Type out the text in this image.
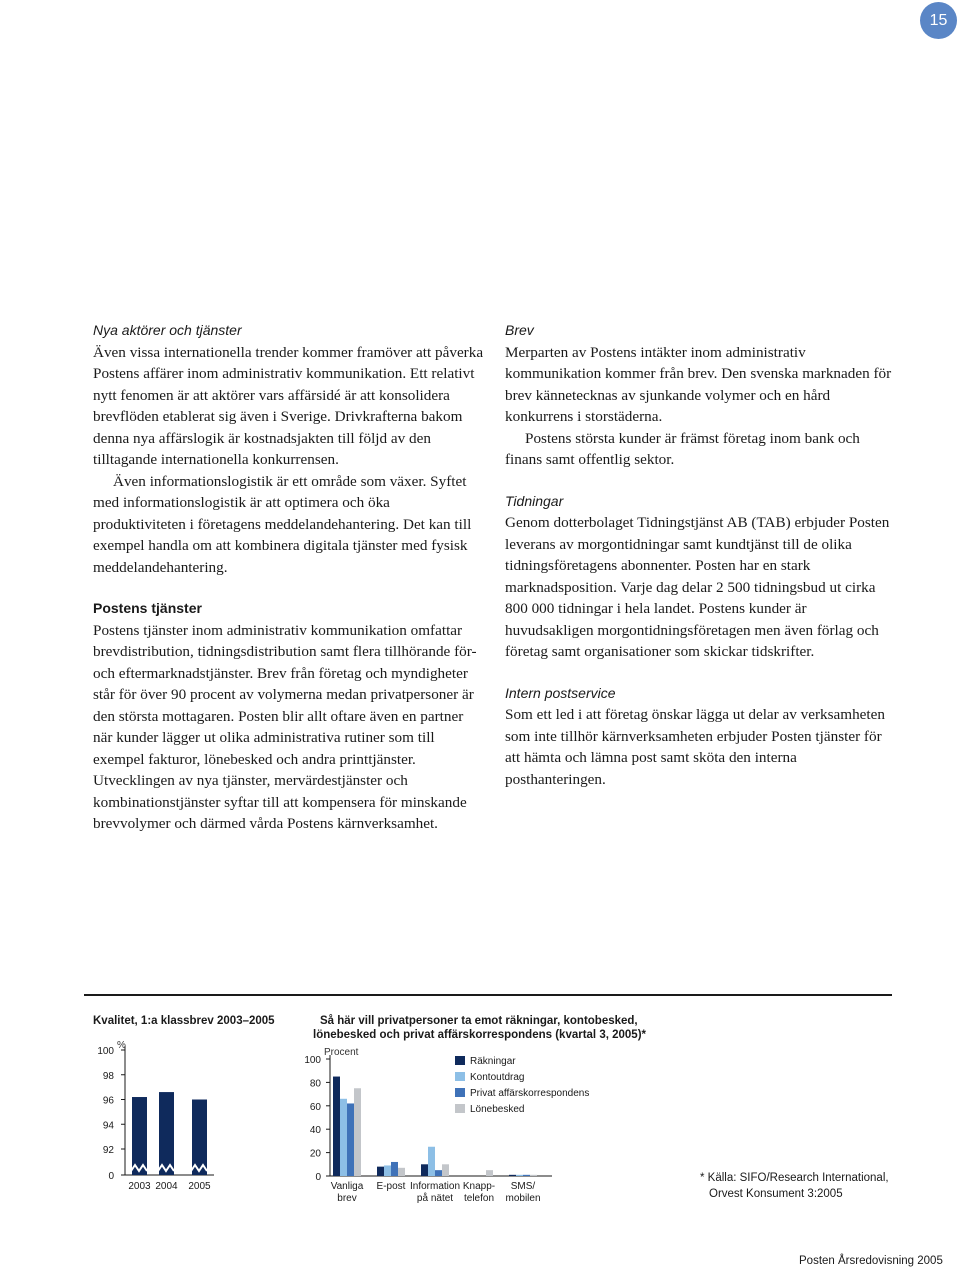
15

Nya aktörer och tjänster

Även vissa internationella trender kommer framöver att påverka Postens affärer inom administrativ kommunikation. Ett relativt nytt fenomen är att aktörer vars affärsidé är att konsolidera brevflöden etablerat sig även i Sverige. Drivkrafterna bakom denna nya affärslogik är kostnadsjakten till följd av den tilltagande internationella konkurrensen.

Även informationslogistik är ett område som växer. Syftet med informationslogistik är att optimera och öka produktiviteten i företagens meddelandehantering. Det kan till exempel handla om att kombinera digitala tjänster med fysisk meddelandehantering.

Postens tjänster

Postens tjänster inom administrativ kommunikation omfattar brevdistribution, tidningsdistribution samt flera tillhörande för- och eftermarknadstjänster. Brev från företag och myndigheter står för över 90 procent av volymerna medan privatpersoner är den största mottagaren. Posten blir allt oftare även en partner när kunder lägger ut olika administrativa rutiner som till exempel fakturor, lönebesked och andra printtjänster. Utvecklingen av nya tjänster, mervärdestjänster och kombinationstjänster syftar till att kompensera för minskande brevvolymer och därmed vårda Postens kärnverksamhet.

Brev

Merparten av Postens intäkter inom administrativ kommunikation kommer från brev. Den svenska marknaden för brev kännetecknas av sjunkande volymer och en hård konkurrens i storstäderna.

Postens största kunder är främst företag inom bank och finans samt offentlig sektor.

Tidningar

Genom dotterbolaget Tidningstjänst AB (TAB) erbjuder Posten leverans av morgontidningar samt kundtjänst till de olika tidningsföretagens abonnenter. Posten har en stark marknadsposition. Varje dag delar 2 500 tidningsbud ut cirka 800 000 tidningar i hela landet. Postens kunder är huvudsakligen morgontidningsföretagen men även förlag och företag samt organisationer som skickar tidskrifter.

Intern postservice

Som ett led i att företag önskar lägga ut delar av verksamheten som inte tillhör kärnverksamheten erbjuder Posten tjänster för att hämta och lämna post samt sköta den interna posthanteringen.

Kvalitet, 1:a klassbrev 2003–2005
%
0
92
94
96
98
100
2003 2004 2005
Så här vill privatpersoner ta emot räkningar, kontobesked,
lönebesked och privat affärskorrespondens (kvartal 3, 2005)*
Procent
0
20
40
60
80
100
Vanliga
brev
E-post Information
på nätet
Knapp-
telefon
SMS/
mobilen
Räkningar
Kontoutdrag
Privat affärskorrespondens
Lönebesked
* Källa: SIFO/Research International,
Orvest Konsument 3:2005
Posten Årsredovisning 2005
